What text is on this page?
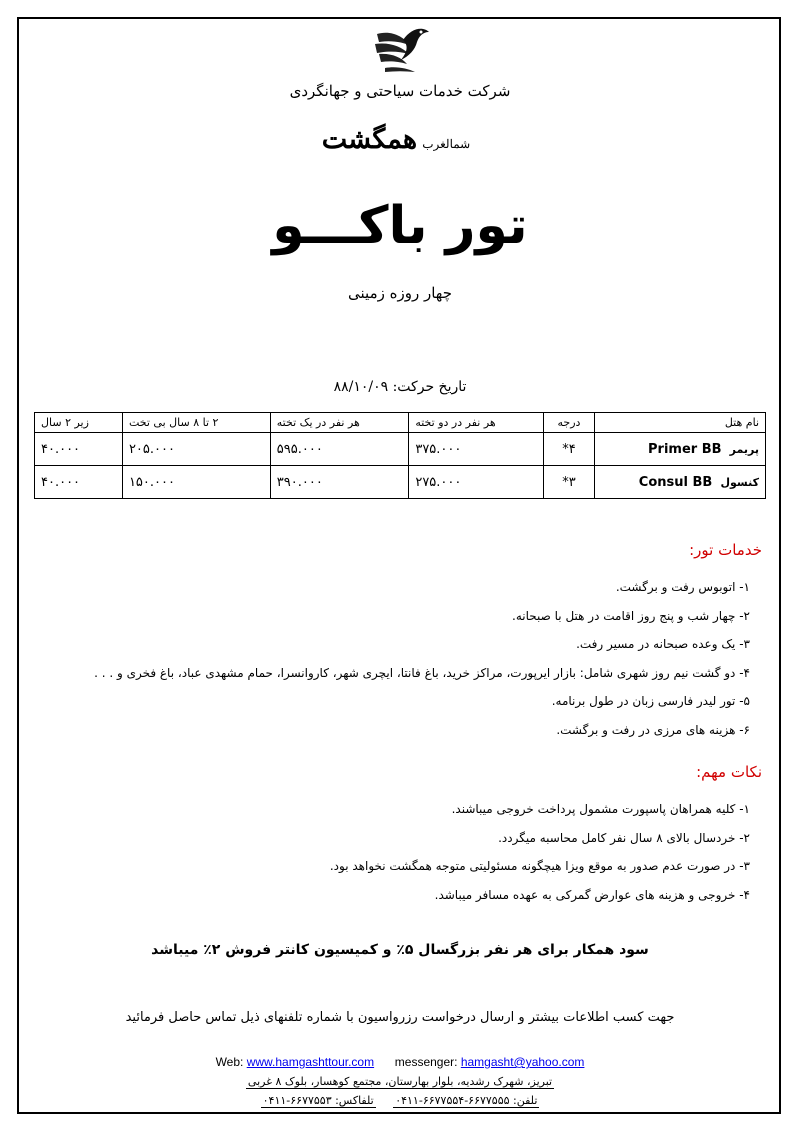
شرکت خدمات سیاحتی و جهانگردی
شمالغرب همگشت
تور باکـــو
چهار روزه زمینی
تاریخ حرکت: ۸۸/۱۰/۰۹
نام هتل	درجه	هر نفر در دو تخته	هر نفر در یک تخته	۲ تا ۸ سال بی تخت	زیر ۲ سال
پریمر Primer BB	۴*	۳۷۵.۰۰۰	۵۹۵.۰۰۰	۲۰۵.۰۰۰	۴۰.۰۰۰
کنسول Consul BB	۳*	۲۷۵.۰۰۰	۳۹۰.۰۰۰	۱۵۰.۰۰۰	۴۰.۰۰۰
خدمات تور:
۱- اتوبوس رفت و برگشت.
۲- چهار شب و پنج روز اقامت در هتل با صبحانه.
۳- یک وعده صبحانه در مسیر رفت.
۴- دو گشت نیم روز شهری شامل: بازار ایرپورت، مراکز خرید، باغ فانتا، ایچری شهر، کاروانسرا، حمام مشهدی عباد، باغ فخری و . . .
۵- تور لیدر فارسی زبان در طول برنامه.
۶- هزینه های مرزی در رفت و برگشت.
نکات مهم:
۱- کلیه همراهان پاسپورت مشمول پرداخت خروجی میباشند.
۲- خردسال بالای ۸ سال نفر کامل محاسبه میگردد.
۳- در صورت عدم صدور به موقع ویزا هیچگونه مسئولیتی متوجه همگشت نخواهد بود.
۴- خروجی و هزینه های عوارض گمرکی به عهده مسافر میباشد.
سود همکار برای هر نفر بزرگسال ۵٪ و کمیسیون کانتر فروش ۲٪ میباشد
جهت کسب اطلاعات بیشتر و ارسال درخواست رزرواسیون با شماره تلفنهای ذیل تماس حاصل فرمائید
Web: www.hamgashttour.com messenger: hamgasht@yahoo.com
تبریز، شهرک رشدیه، بلوار بهارستان، مجتمع کوهسار، بلوک ۸ غربی
تلفن: ۶۶۷۷۵۵۵-۶۶۷۷۵۵۴-۰۴۱۱ تلفاکس: ۶۶۷۷۵۵۳-۰۴۱۱
